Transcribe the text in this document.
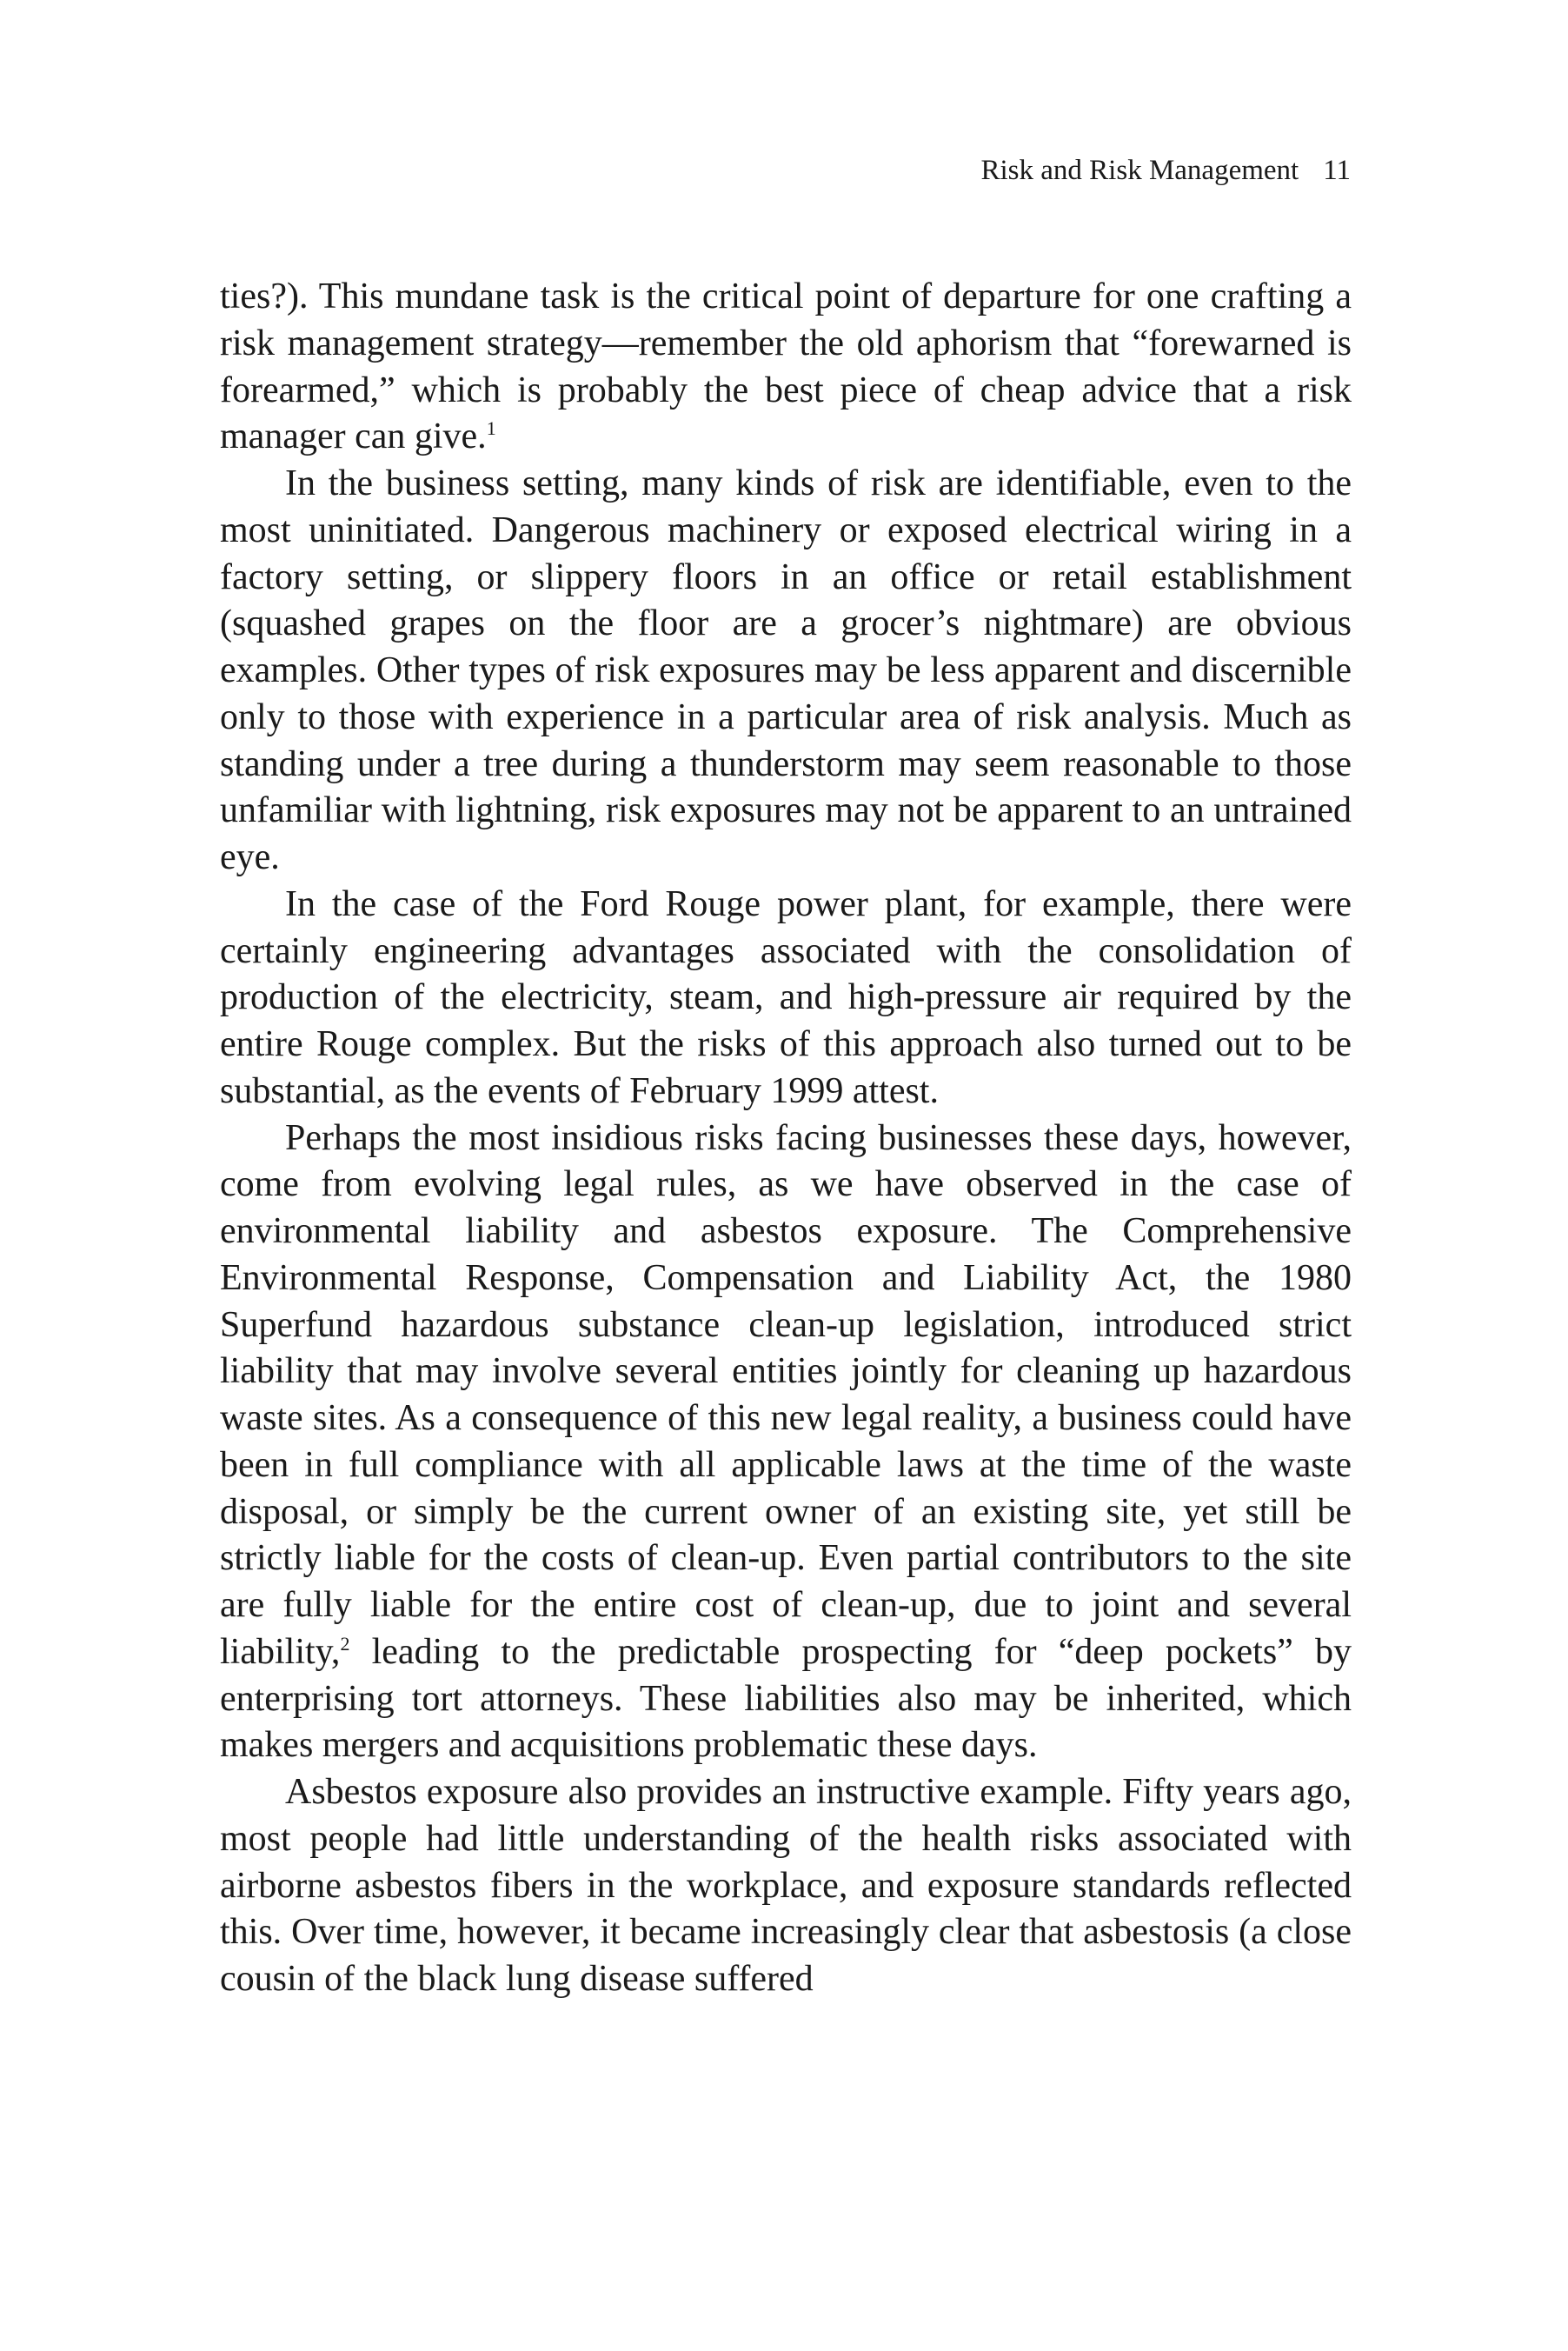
Risk and Risk Management 11

ties?). This mundane task is the critical point of departure for one crafting a risk management strategy—remember the old aphorism that “forewarned is forearmed,” which is probably the best piece of cheap advice that a risk manager can give.$^1$

In the business setting, many kinds of risk are identifiable, even to the most uninitiated. Dangerous machinery or exposed electrical wiring in a factory setting, or slippery floors in an office or retail establishment (squashed grapes on the floor are a grocer’s nightmare) are obvious examples. Other types of risk exposures may be less apparent and discernible only to those with experience in a particular area of risk analysis. Much as standing under a tree during a thunderstorm may seem reasonable to those unfamiliar with lightning, risk exposures may not be apparent to an untrained eye.

In the case of the Ford Rouge power plant, for example, there were certainly engineering advantages associated with the consolidation of production of the electricity, steam, and high-pressure air required by the entire Rouge complex. But the risks of this approach also turned out to be substantial, as the events of February 1999 attest.

Perhaps the most insidious risks facing businesses these days, however, come from evolving legal rules, as we have observed in the case of environmental liability and asbestos exposure. The Comprehensive Environmental Response, Compensation and Liability Act, the 1980 Superfund hazardous substance clean-up legislation, introduced strict liability that may involve several entities jointly for cleaning up hazardous waste sites. As a consequence of this new legal reality, a business could have been in full compliance with all applicable laws at the time of the waste disposal, or simply be the current owner of an existing site, yet still be strictly liable for the costs of clean-up. Even partial contributors to the site are fully liable for the entire cost of clean-up, due to joint and several liability,$^2$ leading to the predictable prospecting for “deep pockets” by enterprising tort attorneys. These liabilities also may be inherited, which makes mergers and acquisitions problematic these days.

Asbestos exposure also provides an instructive example. Fifty years ago, most people had little understanding of the health risks associated with airborne asbestos fibers in the workplace, and exposure standards reflected this. Over time, however, it became increasingly clear that asbestosis (a close cousin of the black lung disease suffered
